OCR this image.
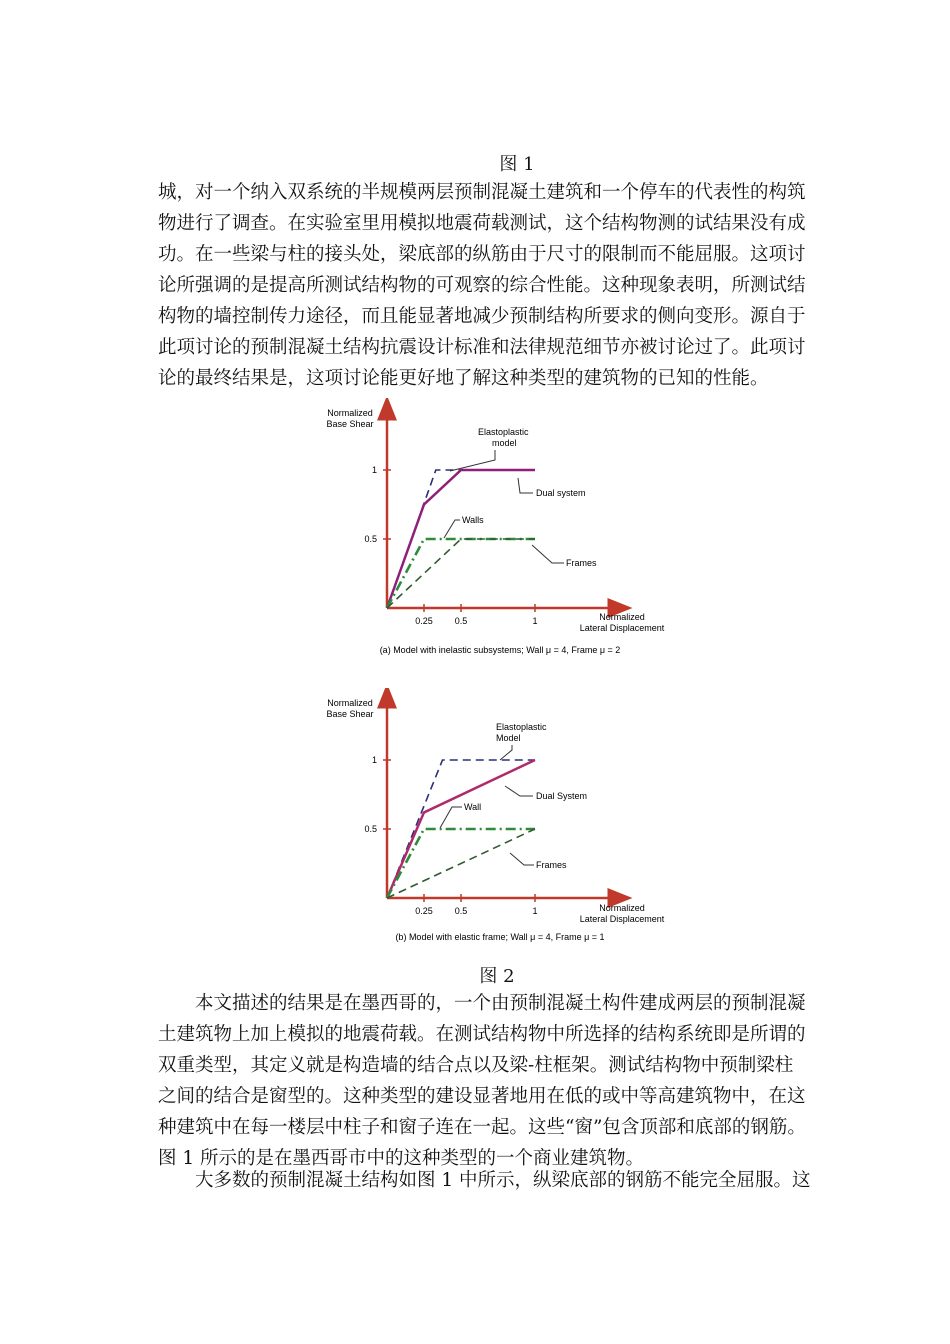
图 1
城，对一个纳入双系统的半规模两层预制混凝土建筑和一个停车的代表性的构筑
物进行了调查。在实验室里用模拟地震荷载测试，这个结构物测的试结果没有成
功。在一些梁与柱的接头处，梁底部的纵筋由于尺寸的限制而不能屈服。这项讨
论所强调的是提高所测试结构物的可观察的综合性能。这种现象表明，所测试结
构物的墙控制传力途径，而且能显著地减少预制结构所要求的侧向变形。源自于
此项讨论的预制混凝土结构抗震设计标准和法律规范细节亦被讨论过了。此项讨
论的最终结果是，这项讨论能更好地了解这种类型的建筑物的已知的性能。
Normalized
Base Shear
0.25 0.5	1
0.5
1
Normalized
Lateral Displacement
Elastoplastic
model
Dual system
Walls
Frames
(a) Model with inelastic subsystems; Wall μ = 4, Frame μ = 2
Normalized
Base Shear
0.25 0.5	1
0.5
1
Normalized
Lateral Displacement
Elastoplastic
Model
Dual System
Wall
Frames
(b) Model with elastic frame; Wall μ = 4, Frame μ = 1
图 2
　　本文描述的结果是在墨西哥的，一个由预制混凝土构件建成两层的预制混凝
土建筑物上加上模拟的地震荷载。在测试结构物中所选择的结构系统即是所谓的
双重类型，其定义就是构造墙的结合点以及梁-柱框架。测试结构物中预制梁柱
之间的结合是窗型的。这种类型的建设显著地用在低的或中等高建筑物中，在这
种建筑中在每一楼层中柱子和窗子连在一起。这些“窗”包含顶部和底部的钢筋。
图 1 所示的是在墨西哥市中的这种类型的一个商业建筑物。
　　大多数的预制混凝土结构如图 1 中所示，纵梁底部的钢筋不能完全屈服。这
